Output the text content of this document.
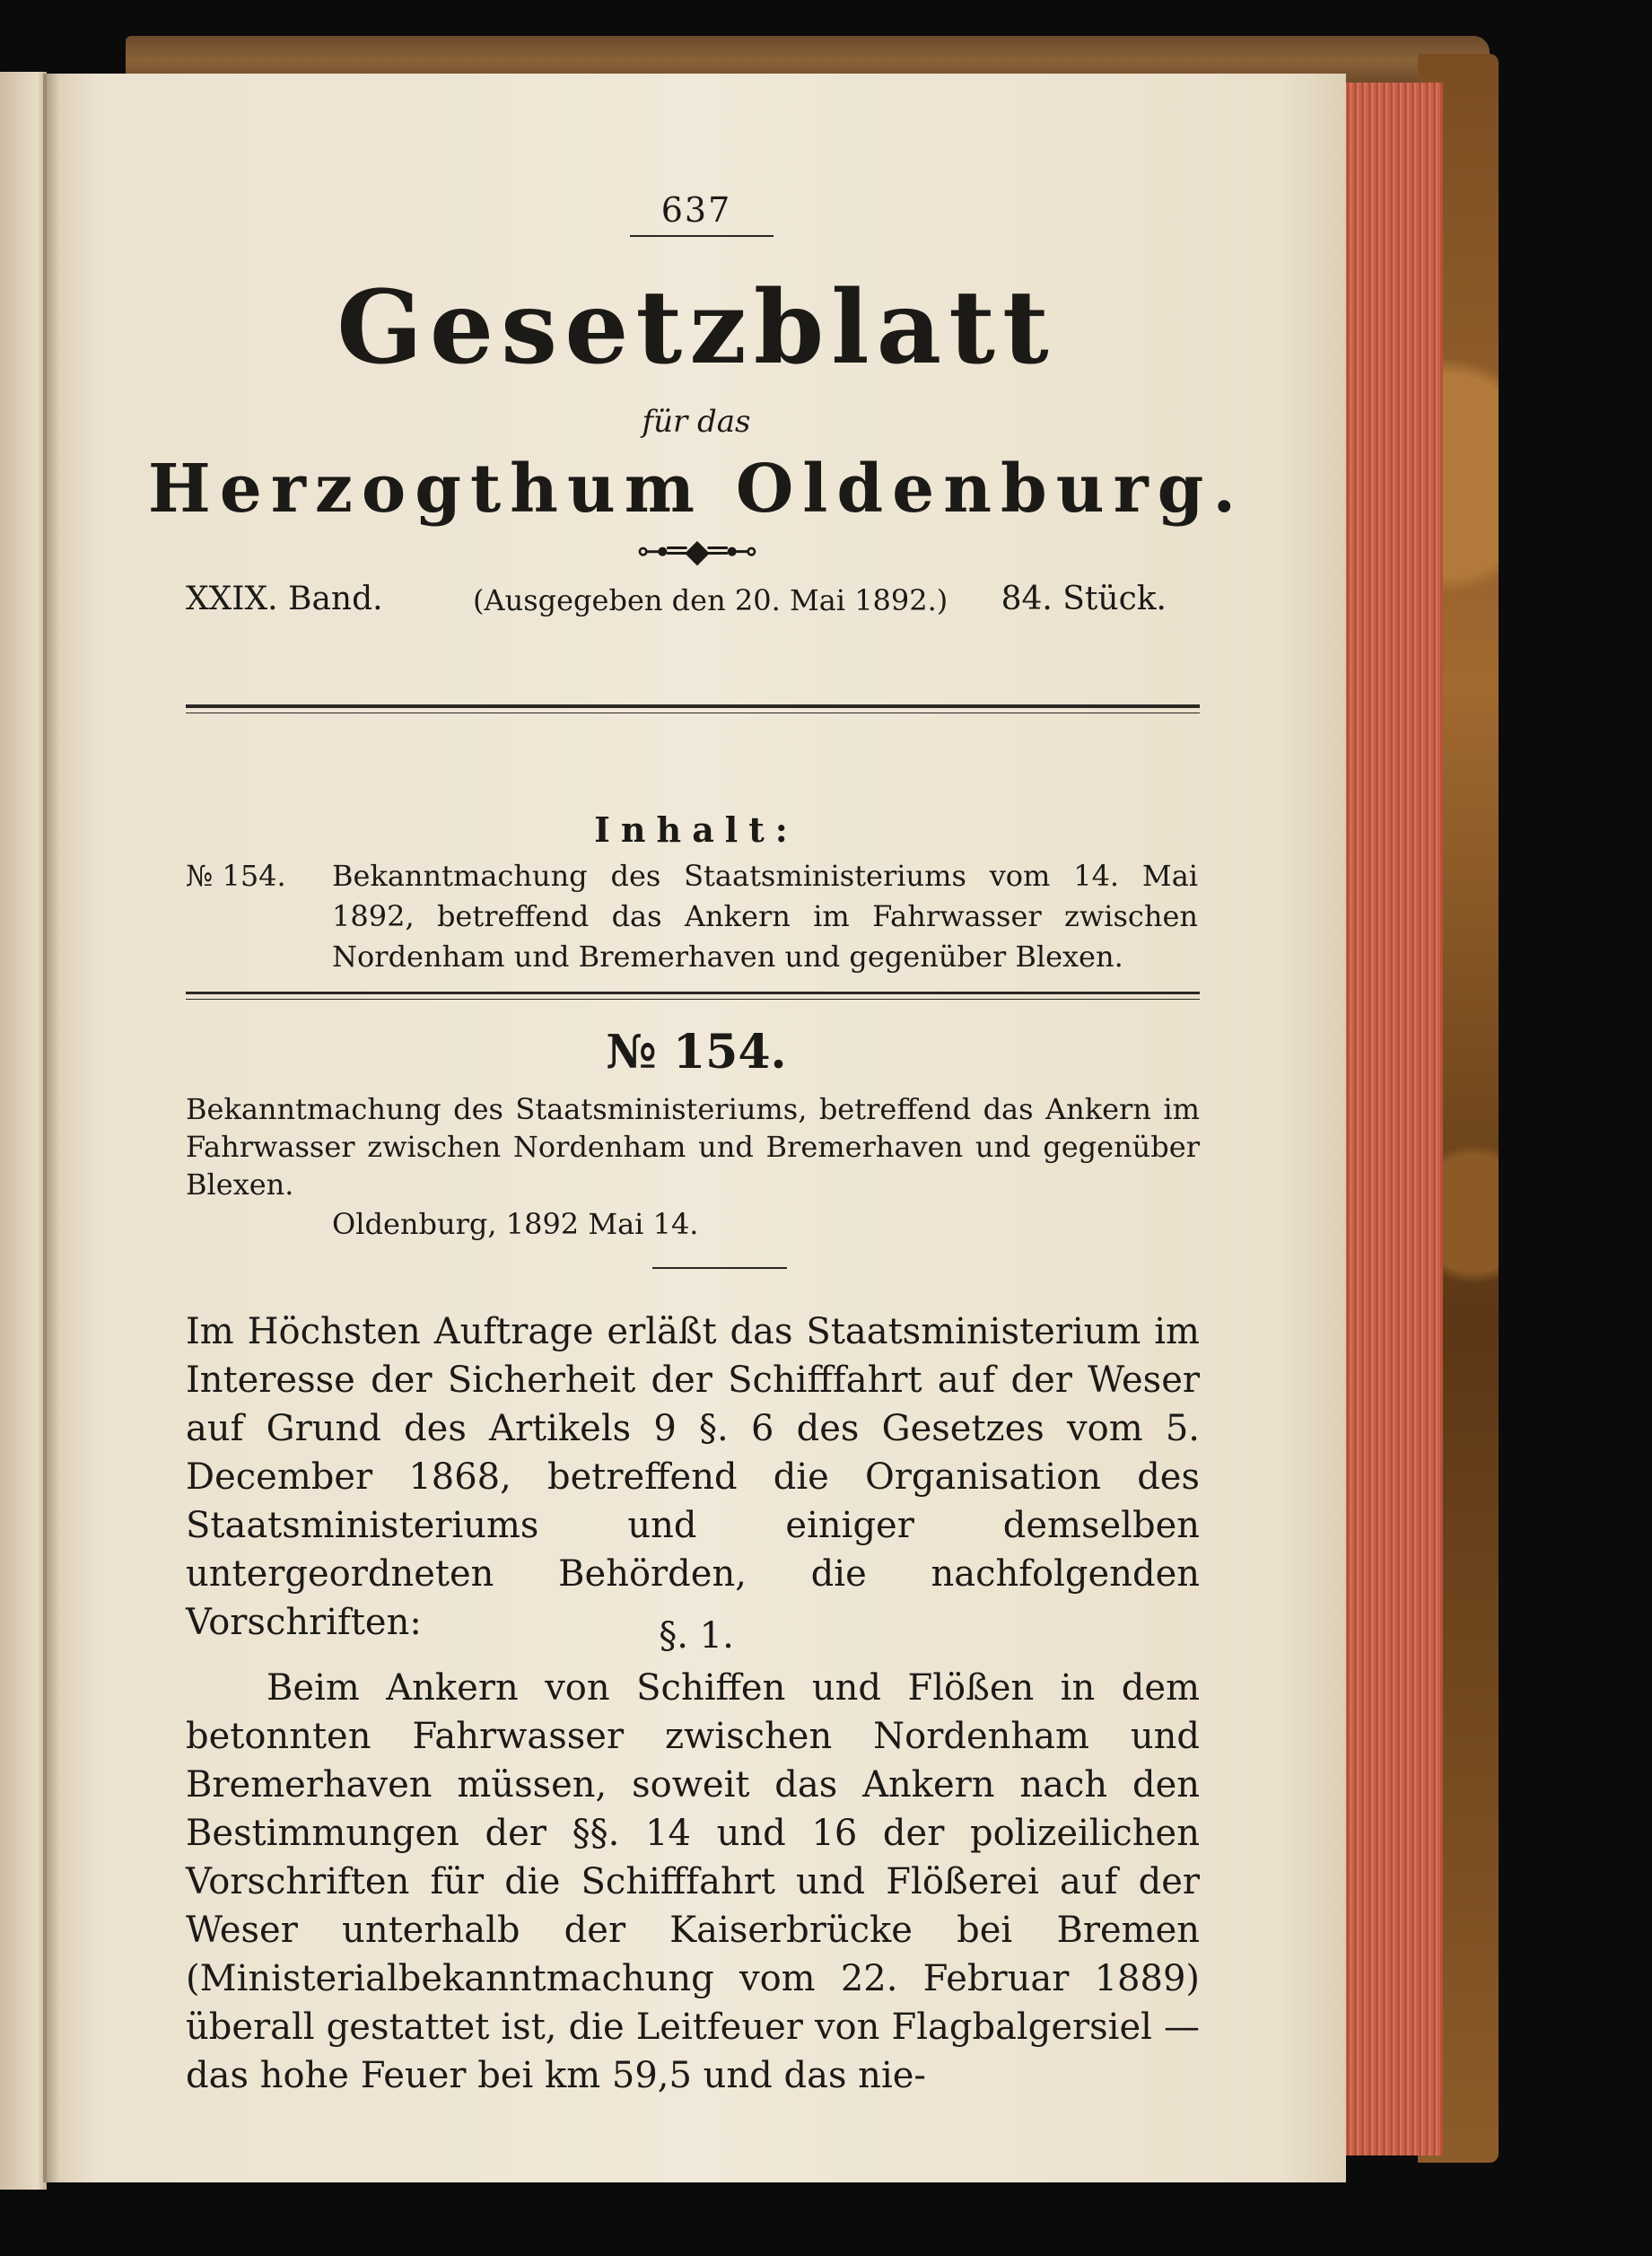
637
Gesetzblatt
für das
Herzogthum Oldenburg.
⊶═◆═⊷
XXIX. Band.	(Ausgegeben den 20. Mai 1892.) 84. Stück.
Inhalt:
№ 154. Bekanntmachung des Staatsministeriums vom 14. Mai 1892, betreffend das Ankern im Fahrwasser zwischen Nordenham und Bremerhaven und gegenüber Blexen.
№ 154.
Bekanntmachung des Staatsministeriums, betreffend das Ankern im Fahrwasser zwischen Nordenham und Bremerhaven und gegenüber Blexen.
Oldenburg, 1892 Mai 14.
Im Höchsten Auftrage erläßt das Staatsministerium im Interesse der Sicherheit der Schifffahrt auf der Weser auf Grund des Artikels 9 §. 6 des Gesetzes vom 5. December 1868, betreffend die Organisation des Staatsministeriums und einiger demselben untergeordneten Behörden, die nachfolgenden Vorschriften:	§. 1.
Beim Ankern von Schiffen und Flößen in dem betonnten Fahrwasser zwischen Nordenham und Bremerhaven müssen, soweit das Ankern nach den Bestimmungen der §§. 14 und 16 der polizeilichen Vorschriften für die Schifffahrt und Flößerei auf der Weser unterhalb der Kaiserbrücke bei Bremen (Ministerialbekanntmachung vom 22. Februar 1889) überall gestattet ist, die Leitfeuer von Flagbalgersiel — das hohe Feuer bei km 59,5 und das nie-
